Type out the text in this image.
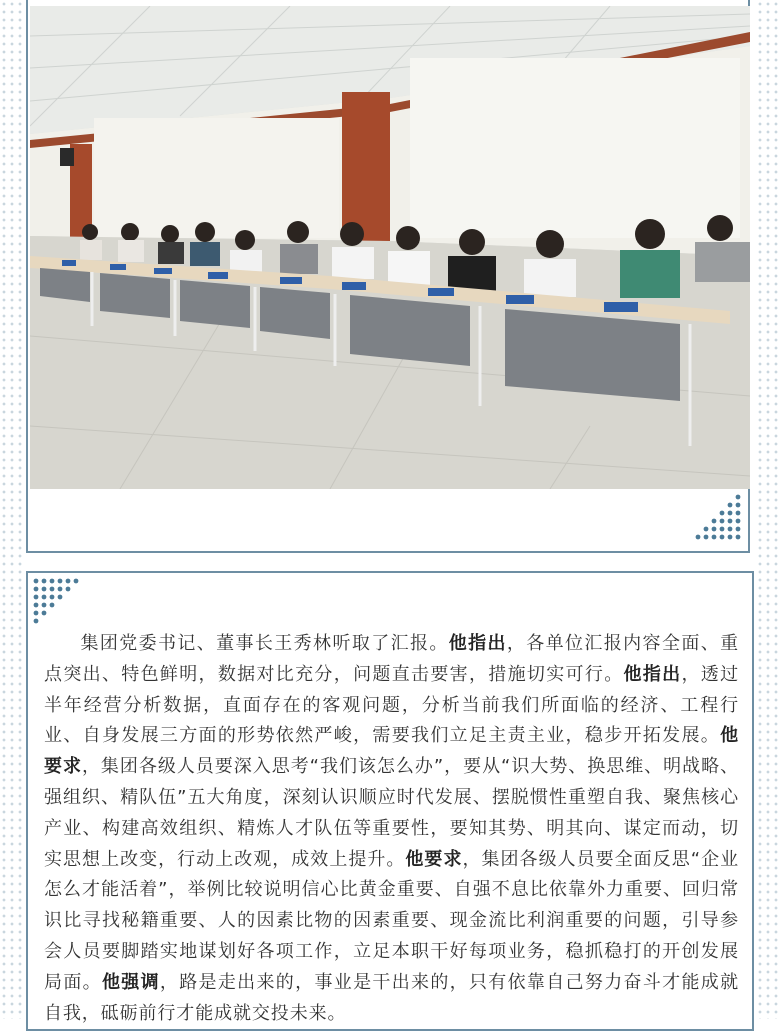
集团党委书记、董事长王秀林听取了汇报。他指出，各单位汇报内容全面、重点突出、特色鲜明，数据对比充分，问题直击要害，措施切实可行。他指出，透过半年经营分析数据，直面存在的客观问题，分析当前我们所面临的经济、工程行业、自身发展三方面的形势依然严峻，需要我们立足主责主业，稳步开拓发展。他要求，集团各级人员要深入思考“我们该怎么办”，要从“识大势、换思维、明战略、强组织、精队伍”五大角度，深刻认识顺应时代发展、摆脱惯性重塑自我、聚焦核心产业、构建高效组织、精炼人才队伍等重要性，要知其势、明其向、谋定而动，切实思想上改变，行动上改观，成效上提升。他要求，集团各级人员要全面反思“企业怎么才能活着”，举例比较说明信心比黄金重要、自强不息比依靠外力重要、回归常识比寻找秘籍重要、人的因素比物的因素重要、现金流比利润重要的问题，引导参会人员要脚踏实地谋划好各项工作，立足本职干好每项业务，稳抓稳打的开创发展局面。他强调，路是走出来的，事业是干出来的，只有依靠自己努力奋斗才能成就自我，砥砺前行才能成就交投未来。
